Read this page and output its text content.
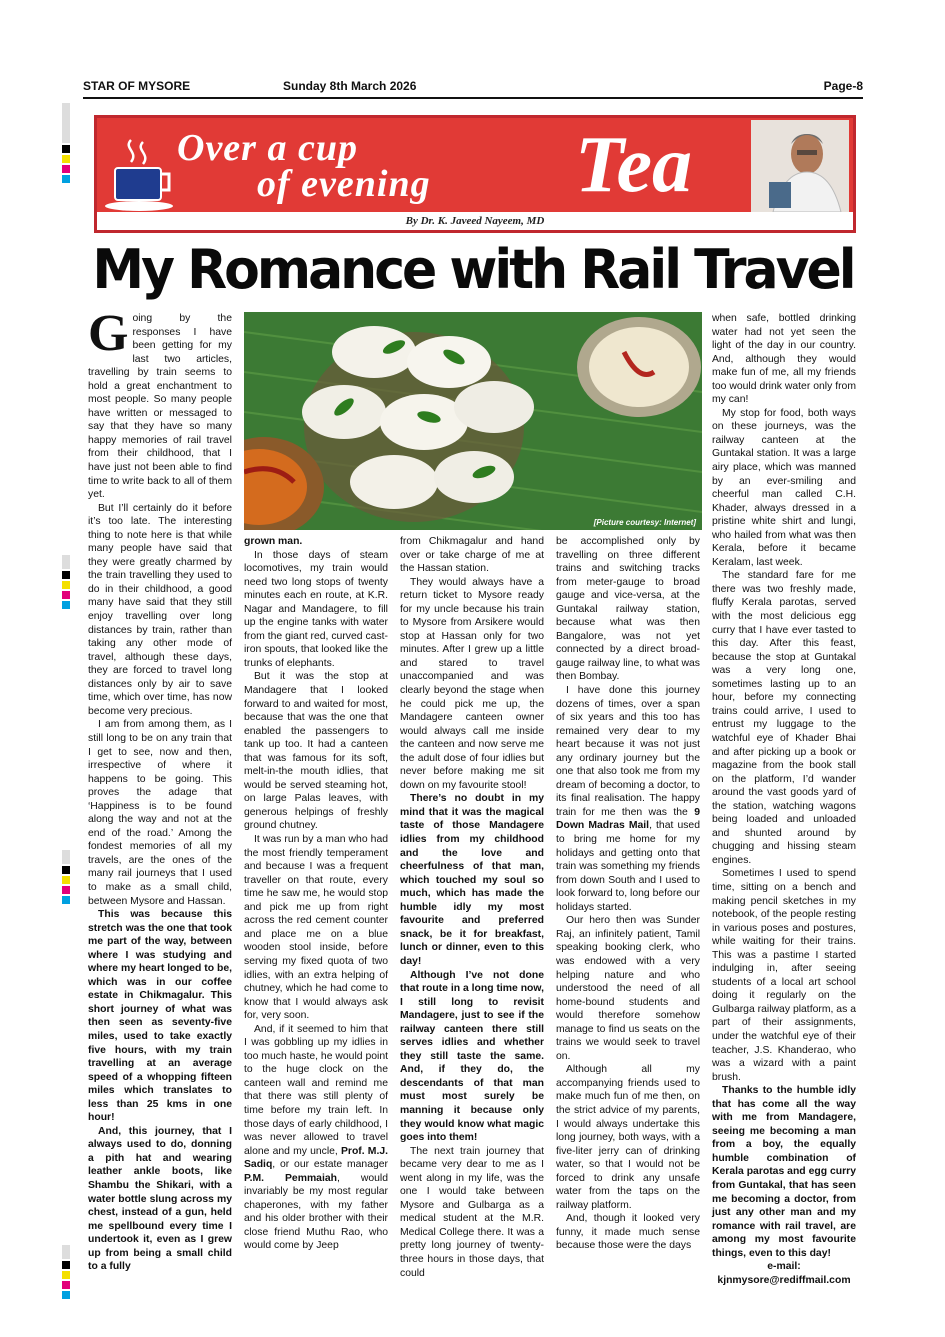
STAR OF MYSORE	Sunday 8th March 2026	Page-8
Over a cup
of evening Tea
By Dr. K. Javeed Nayeem, MD
My Romance with Rail Travel
[Picture courtesy: Internet]

Going by the responses I have been getting for my last two articles, travelling by train seems to hold a great enchantment to most people. So many people have written or messaged to say that they have so many happy memories of rail travel from their childhood, that I have just not been able to find time to write back to all of them yet.

But I’ll certainly do it before it’s too late. The interesting thing to note here is that while many people have said that they were greatly charmed by the train travelling they used to do in their childhood, a good many have said that they still enjoy travelling over long distances by train, rather than taking any other mode of travel, although these days, they are forced to travel long distances only by air to save time, which over time, has now become very precious.

I am from among them, as I still long to be on any train that I get to see, now and then, irrespective of where it happens to be going. This proves the adage that ‘Happiness is to be found along the way and not at the end of the road.’ Among the fondest memories of all my travels, are the ones of the many rail journeys that I used to make as a small child, between Mysore and Hassan.

This was because this stretch was the one that took me part of the way, between where I was studying and where my heart longed to be, which was in our coffee estate in Chikmagalur. This short journey of what was then seen as seventy-five miles, used to take exactly five hours, with my train travelling at an average speed of a whopping fifteen miles which translates to less than 25 kms in one hour!

And, this journey, that I always used to do, donning a pith hat and wearing leather ankle boots, like Shambu the Shikari, with a water bottle slung across my chest, instead of a gun, held me spellbound every time I undertook it, even as I grew up from being a small child to a fully

grown man.

In those days of steam locomotives, my train would need two long stops of twenty minutes each en route, at K.R. Nagar and Mandagere, to fill up the engine tanks with water from the giant red, curved cast-iron spouts, that looked like the trunks of elephants.

But it was the stop at Mandagere that I looked forward to and waited for most, because that was the one that enabled the passengers to tank up too. It had a canteen that was famous for its soft, melt-in-the mouth idlies, that would be served steaming hot, on large Palas leaves, with generous helpings of freshly ground chutney.

It was run by a man who had the most friendly temperament and because I was a frequent traveller on that route, every time he saw me, he would stop and pick me up from right across the red cement counter and place me on a blue wooden stool inside, before serving my fixed quota of two idlies, with an extra helping of chutney, which he had come to know that I would always ask for, very soon.

And, if it seemed to him that I was gobbling up my idlies in too much haste, he would point to the huge clock on the canteen wall and remind me that there was still plenty of time before my train left. In those days of early childhood, I was never allowed to travel alone and my uncle, Prof. M.J. Sadiq, or our estate manager P.M. Pemmaiah, would invariably be my most regular chaperones, with my father and his older brother with their close friend Muthu Rao, who would come by Jeep

from Chikmagalur and hand over or take charge of me at the Hassan station.

They would always have a return ticket to Mysore ready for my uncle because his train to Mysore from Arsikere would stop at Hassan only for two minutes. After I grew up a little and stared to travel unaccompanied and was clearly beyond the stage when he could pick me up, the Mandagere canteen owner would always call me inside the canteen and now serve me the adult dose of four idlies but never before making me sit down on my favourite stool!

There’s no doubt in my mind that it was the magical taste of those Mandagere idlies from my childhood and the love and cheerfulness of that man, which touched my soul so much, which has made the humble idly my most favourite and preferred snack, be it for breakfast, lunch or dinner, even to this day!

Although I’ve not done that route in a long time now, I still long to revisit Mandagere, just to see if the railway canteen there still serves idlies and whether they still taste the same. And, if they do, the descendants of that man must most surely be manning it because only they would know what magic goes into them!

The next train journey that became very dear to me as I went along in my life, was the one I would take between Mysore and Gulbarga as a medical student at the M.R. Medical College there. It was a pretty long journey of twenty-three hours in those days, that could

be accomplished only by travelling on three different trains and switching tracks from meter-gauge to broad gauge and vice-versa, at the Guntakal railway station, because what was then Bangalore, was not yet connected by a direct broad-gauge railway line, to what was then Bombay.

I have done this journey dozens of times, over a span of six years and this too has remained very dear to my heart because it was not just any ordinary journey but the one that also took me from my dream of becoming a doctor, to its final realisation. The happy train for me then was the 9 Down Madras Mail, that used to bring me home for my holidays and getting onto that train was something my friends from down South and I used to look forward to, long before our holidays started.

Our hero then was Sunder Raj, an infinitely patient, Tamil speaking booking clerk, who was endowed with a very helping nature and who understood the need of all home-bound students and would therefore somehow manage to find us seats on the trains we would seek to travel on.

Although all my accompanying friends used to make much fun of me then, on the strict advice of my parents, I would always undertake this long journey, both ways, with a five-liter jerry can of drinking water, so that I would not be forced to drink any unsafe water from the taps on the railway platform.

And, though it looked very funny, it made much sense because those were the days

when safe, bottled drinking water had not yet seen the light of the day in our country. And, although they would make fun of me, all my friends too would drink water only from my can!

My stop for food, both ways on these journeys, was the railway canteen at the Guntakal station. It was a large airy place, which was manned by an ever-smiling and cheerful man called C.H. Khader, always dressed in a pristine white shirt and lungi, who hailed from what was then Kerala, before it became Keralam, last week.

The standard fare for me there was two freshly made, fluffy Kerala parotas, served with the most delicious egg curry that I have ever tasted to this day. After this feast, because the stop at Guntakal was a very long one, sometimes lasting up to an hour, before my connecting trains could arrive, I used to entrust my luggage to the watchful eye of Khader Bhai and after picking up a book or magazine from the book stall on the platform, I’d wander around the vast goods yard of the station, watching wagons being loaded and unloaded and shunted around by chugging and hissing steam engines.

Sometimes I used to spend time, sitting on a bench and making pencil sketches in my notebook, of the people resting in various poses and postures, while waiting for their trains. This was a pastime I started indulging in, after seeing students of a local art school doing it regularly on the Gulbarga railway platform, as a part of their assignments, under the watchful eye of their teacher, J.S. Khanderao, who was a wizard with a paint brush.

Thanks to the humble idly that has come all the way with me from Mandagere, seeing me becoming a man from a boy, the equally humble combination of Kerala parotas and egg curry from Guntakal, that has seen me becoming a doctor, from just any other man and my romance with rail travel, are among my most favourite things, even to this day!

e-mail:

kjnmysore@rediffmail.com
